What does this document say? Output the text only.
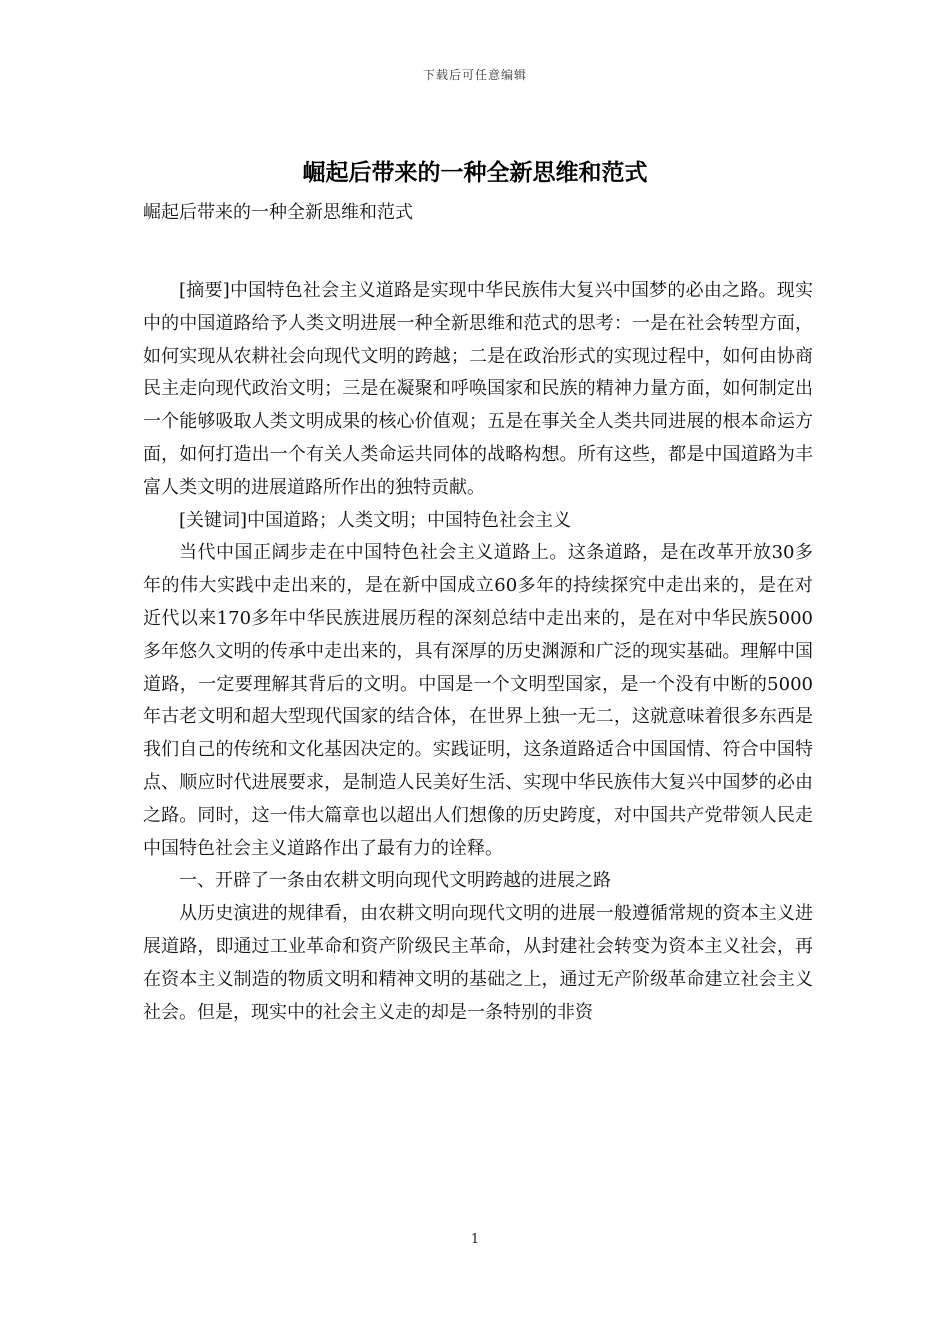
下载后可任意编辑
崛起后带来的一种全新思维和范式
崛起后带来的一种全新思维和范式

[摘要]中国特色社会主义道路是实现中华民族伟大复兴中国梦的必由之路。现实中的中国道路给予人类文明进展一种全新思维和范式的思考：一是在社会转型方面，如何实现从农耕社会向现代文明的跨越；二是在政治形式的实现过程中，如何由协商民主走向现代政治文明；三是在凝聚和呼唤国家和民族的精神力量方面，如何制定出一个能够吸取人类文明成果的核心价值观；五是在事关全人类共同进展的根本命运方面，如何打造出一个有关人类命运共同体的战略构想。所有这些，都是中国道路为丰富人类文明的进展道路所作出的独特贡献。

[关键词]中国道路；人类文明；中国特色社会主义

当代中国正阔步走在中国特色社会主义道路上。这条道路，是在改革开放30多年的伟大实践中走出来的，是在新中国成立60多年的持续探究中走出来的，是在对近代以来170多年中华民族进展历程的深刻总结中走出来的，是在对中华民族5000多年悠久文明的传承中走出来的，具有深厚的历史渊源和广泛的现实基础。理解中国道路，一定要理解其背后的文明。中国是一个文明型国家，是一个没有中断的5000年古老文明和超大型现代国家的结合体，在世界上独一无二，这就意味着很多东西是我们自己的传统和文化基因决定的。实践证明，这条道路适合中国国情、符合中国特点、顺应时代进展要求，是制造人民美好生活、实现中华民族伟大复兴中国梦的必由之路。同时，这一伟大篇章也以超出人们想像的历史跨度，对中国共产党带领人民走中国特色社会主义道路作出了最有力的诠释。

一、开辟了一条由农耕文明向现代文明跨越的进展之路

从历史演进的规律看，由农耕文明向现代文明的进展一般遵循常规的资本主义进展道路，即通过工业革命和资产阶级民主革命，从封建社会转变为资本主义社会，再在资本主义制造的物质文明和精神文明的基础之上，通过无产阶级革命建立社会主义社会。但是，现实中的社会主义走的却是一条特别的非资

1
